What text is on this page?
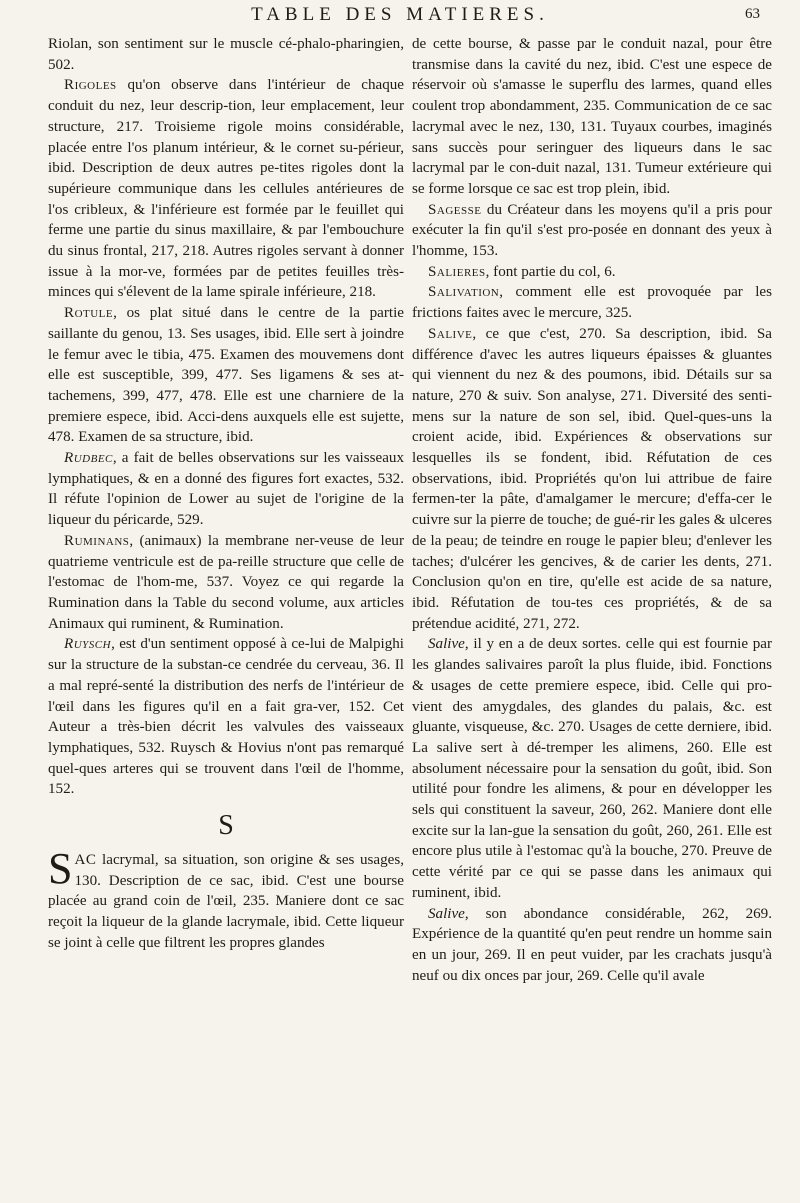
TABLE DES MATIERES.	63

Riolan, son sentiment sur le muscle cé-phalo-pharingien, 502.

Rigoles qu'on observe dans l'intérieur de chaque conduit du nez, leur descrip-tion, leur emplacement, leur structure, 217. Troisieme rigole moins considérable, placée entre l'os planum intérieur, & le cornet su-périeur, ibid. Description de deux autres pe-tites rigoles dont la supérieure communique dans les cellules antérieures de l'os cribleux, & l'inférieure est formée par le feuillet qui ferme une partie du sinus maxillaire, & par l'embouchure du sinus frontal, 217, 218. Autres rigoles servant à donner issue à la mor-ve, formées par de petites feuilles très-minces qui s'élevent de la lame spirale inférieure, 218.

Rotule, os plat situé dans le centre de la partie saillante du genou, 13. Ses usages, ibid. Elle sert à joindre le femur avec le tibia, 475. Examen des mouvemens dont elle est susceptible, 399, 477. Ses ligamens & ses at-tachemens, 399, 477, 478. Elle est une charniere de la premiere espece, ibid. Acci-dens auxquels elle est sujette, 478. Examen de sa structure, ibid.

Rudbec, a fait de belles observations sur les vaisseaux lymphatiques, & en a donné des figures fort exactes, 532. Il réfute l'opinion de Lower au sujet de l'origine de la liqueur du péricarde, 529.

Ruminans, (animaux) la membrane ner-veuse de leur quatrieme ventricule est de pa-reille structure que celle de l'estomac de l'hom-me, 537. Voyez ce qui regarde la Rumination dans la Table du second volume, aux articles Animaux qui ruminent, & Rumination.

Ruysch, est d'un sentiment opposé à ce-lui de Malpighi sur la structure de la substan-ce cendrée du cerveau, 36. Il a mal repré-senté la distribution des nerfs de l'intérieur de l'œil dans les figures qu'il en a fait gra-ver, 152. Cet Auteur a très-bien décrit les valvules des vaisseaux lymphatiques, 532. Ruysch & Hovius n'ont pas remarqué quel-ques arteres qui se trouvent dans l'œil de l'homme, 152.

S

SAC lacrymal, sa situation, son origine & ses usages, 130. Description de ce sac, ibid. C'est une bourse placée au grand coin de l'œil, 235. Maniere dont ce sac reçoit la liqueur de la glande lacrymale, ibid. Cette liqueur se joint à celle que filtrent les propres glandes

de cette bourse, & passe par le conduit nazal, pour être transmise dans la cavité du nez, ibid. C'est une espece de réservoir où s'amasse le superflu des larmes, quand elles coulent trop abondamment, 235. Communication de ce sac lacrymal avec le nez, 130, 131. Tuyaux courbes, imaginés sans succès pour seringuer des liqueurs dans le sac lacrymal par le con-duit nazal, 131. Tumeur extérieure qui se forme lorsque ce sac est trop plein, ibid.

Sagesse du Créateur dans les moyens qu'il a pris pour exécuter la fin qu'il s'est pro-posée en donnant des yeux à l'homme, 153.

Salieres, font partie du col, 6.

Salivation, comment elle est provoquée par les frictions faites avec le mercure, 325.

Salive, ce que c'est, 270. Sa description, ibid. Sa différence d'avec les autres liqueurs épaisses & gluantes qui viennent du nez & des poumons, ibid. Détails sur sa nature, 270 & suiv. Son analyse, 271. Diversité des senti-mens sur la nature de son sel, ibid. Quel-ques-uns la croient acide, ibid. Expériences & observations sur lesquelles ils se fondent, ibid. Réfutation de ces observations, ibid. Propriétés qu'on lui attribue de faire fermen-ter la pâte, d'amalgamer le mercure; d'effa-cer le cuivre sur la pierre de touche; de gué-rir les gales & ulceres de la peau; de teindre en rouge le papier bleu; d'enlever les taches; d'ulcérer les gencives, & de carier les dents, 271. Conclusion qu'on en tire, qu'elle est acide de sa nature, ibid. Réfutation de tou-tes ces propriétés, & de sa prétendue acidité, 271, 272.

Salive, il y en a de deux sortes. celle qui est fournie par les glandes salivaires paroît la plus fluide, ibid. Fonctions & usages de cette premiere espece, ibid. Celle qui pro-vient des amygdales, des glandes du palais, &c. est gluante, visqueuse, &c. 270. Usages de cette derniere, ibid. La salive sert à dé-tremper les alimens, 260. Elle est absolument nécessaire pour la sensation du goût, ibid. Son utilité pour fondre les alimens, & pour en développer les sels qui constituent la saveur, 260, 262. Maniere dont elle excite sur la lan-gue la sensation du goût, 260, 261. Elle est encore plus utile à l'estomac qu'à la bouche, 270. Preuve de cette vérité par ce qui se passe dans les animaux qui ruminent, ibid.

Salive, son abondance considérable, 262, 269. Expérience de la quantité qu'en peut rendre un homme sain en un jour, 269. Il en peut vuider, par les crachats jusqu'à neuf ou dix onces par jour, 269. Celle qu'il avale
